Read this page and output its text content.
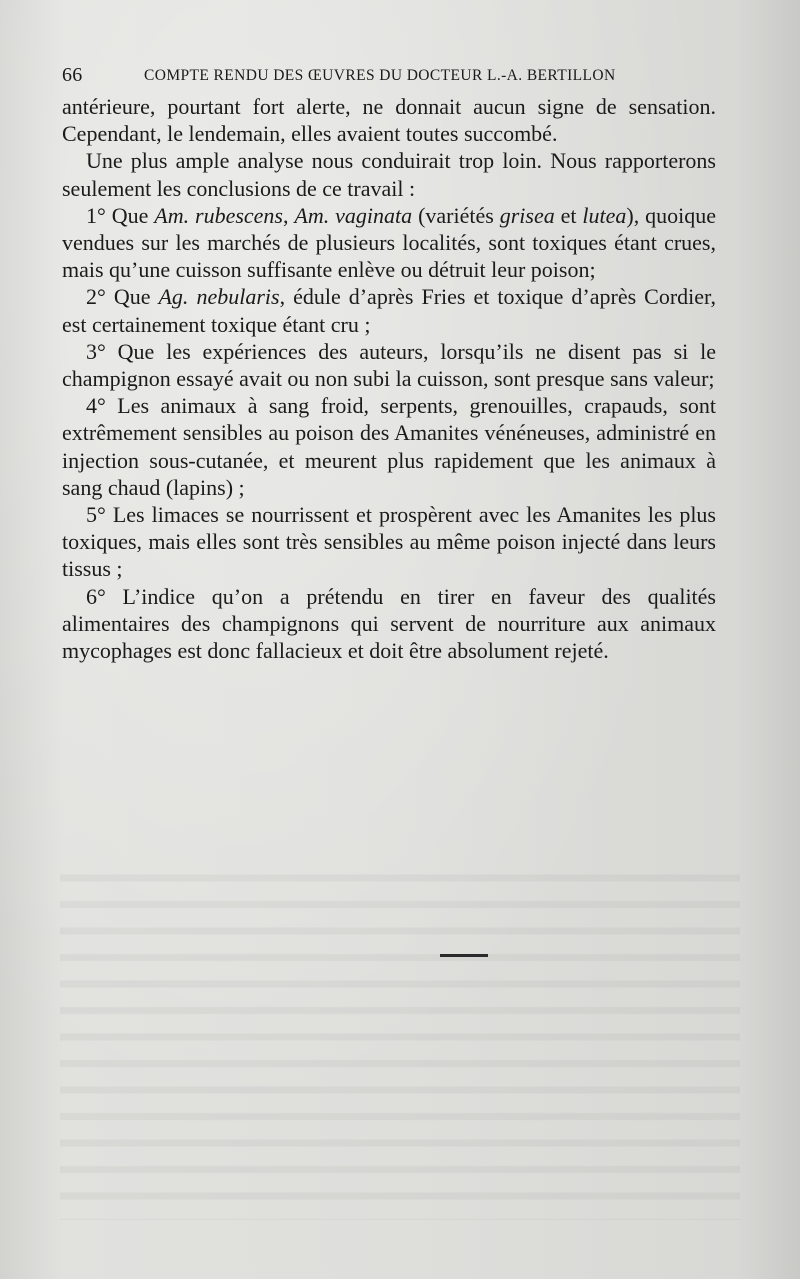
66	COMPTE RENDU DES ŒUVRES DU DOCTEUR L.-A. BERTILLON

antérieure, pourtant fort alerte, ne donnait aucun signe de sensation. Cependant, le lendemain, elles avaient toutes succombé.

Une plus ample analyse nous conduirait trop loin. Nous rapporterons seulement les conclusions de ce travail :

1° Que Am. rubescens, Am. vaginata (variétés grisea et lutea), quoique vendues sur les marchés de plusieurs localités, sont toxiques étant crues, mais qu’une cuisson suffisante enlève ou détruit leur poison;

2° Que Ag. nebularis, édule d’après Fries et toxique d’après Cordier, est certainement toxique étant cru ;

3° Que les expériences des auteurs, lorsqu’ils ne disent pas si le champignon essayé avait ou non subi la cuisson, sont presque sans valeur;

4° Les animaux à sang froid, serpents, grenouilles, crapauds, sont extrêmement sensibles au poison des Amanites vénéneuses, administré en injection sous-cutanée, et meurent plus rapidement que les animaux à sang chaud (lapins) ;

5° Les limaces se nourrissent et prospèrent avec les Amanites les plus toxiques, mais elles sont très sensibles au même poison injecté dans leurs tissus ;

6° L’indice qu’on a prétendu en tirer en faveur des qualités alimentaires des champignons qui servent de nourriture aux animaux mycophages est donc fallacieux et doit être absolument rejeté.
